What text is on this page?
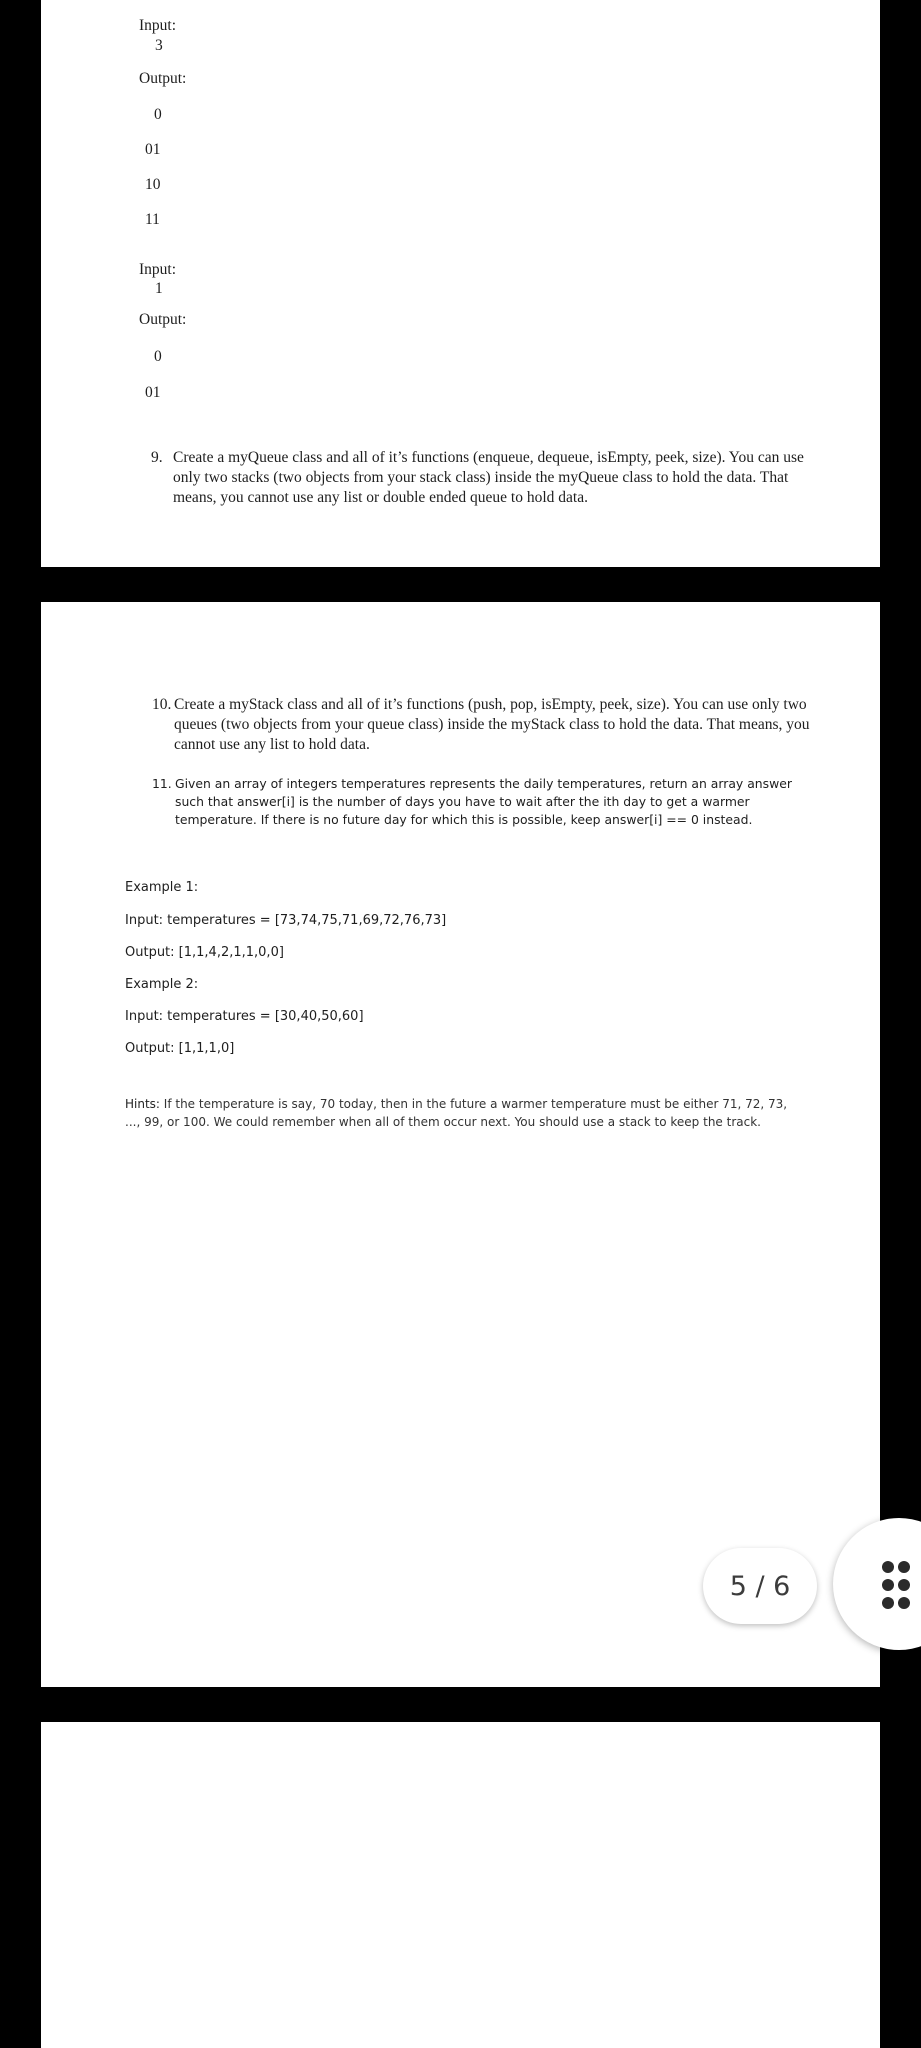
Input:
3
Output:
0
01
10
11
Input:
1
Output:
0
01
9. Create a myQueue class and all of it’s functions (enqueue, dequeue, isEmpty, peek, size). You can use only two stacks (two objects from your stack class) inside the myQueue class to hold the data. That means, you cannot use any list or double ended queue to hold data.
10. Create a myStack class and all of it’s functions (push, pop, isEmpty, peek, size). You can use only two queues (two objects from your queue class) inside the myStack class to hold the data. That means, you cannot use any list to hold data.
11. Given an array of integers temperatures represents the daily temperatures, return an array answer such that answer[i] is the number of days you have to wait after the ith day to get a warmer temperature. If there is no future day for which this is possible, keep answer[i] == 0 instead.
Example 1:
Input: temperatures = [73,74,75,71,69,72,76,73]
Output: [1,1,4,2,1,1,0,0]
Example 2:
Input: temperatures = [30,40,50,60]
Output: [1,1,1,0]
Hints: If the temperature is say, 70 today, then in the future a warmer temperature must be either 71, 72, 73,
..., 99, or 100. We could remember when all of them occur next. You should use a stack to keep the track.
5 / 6
